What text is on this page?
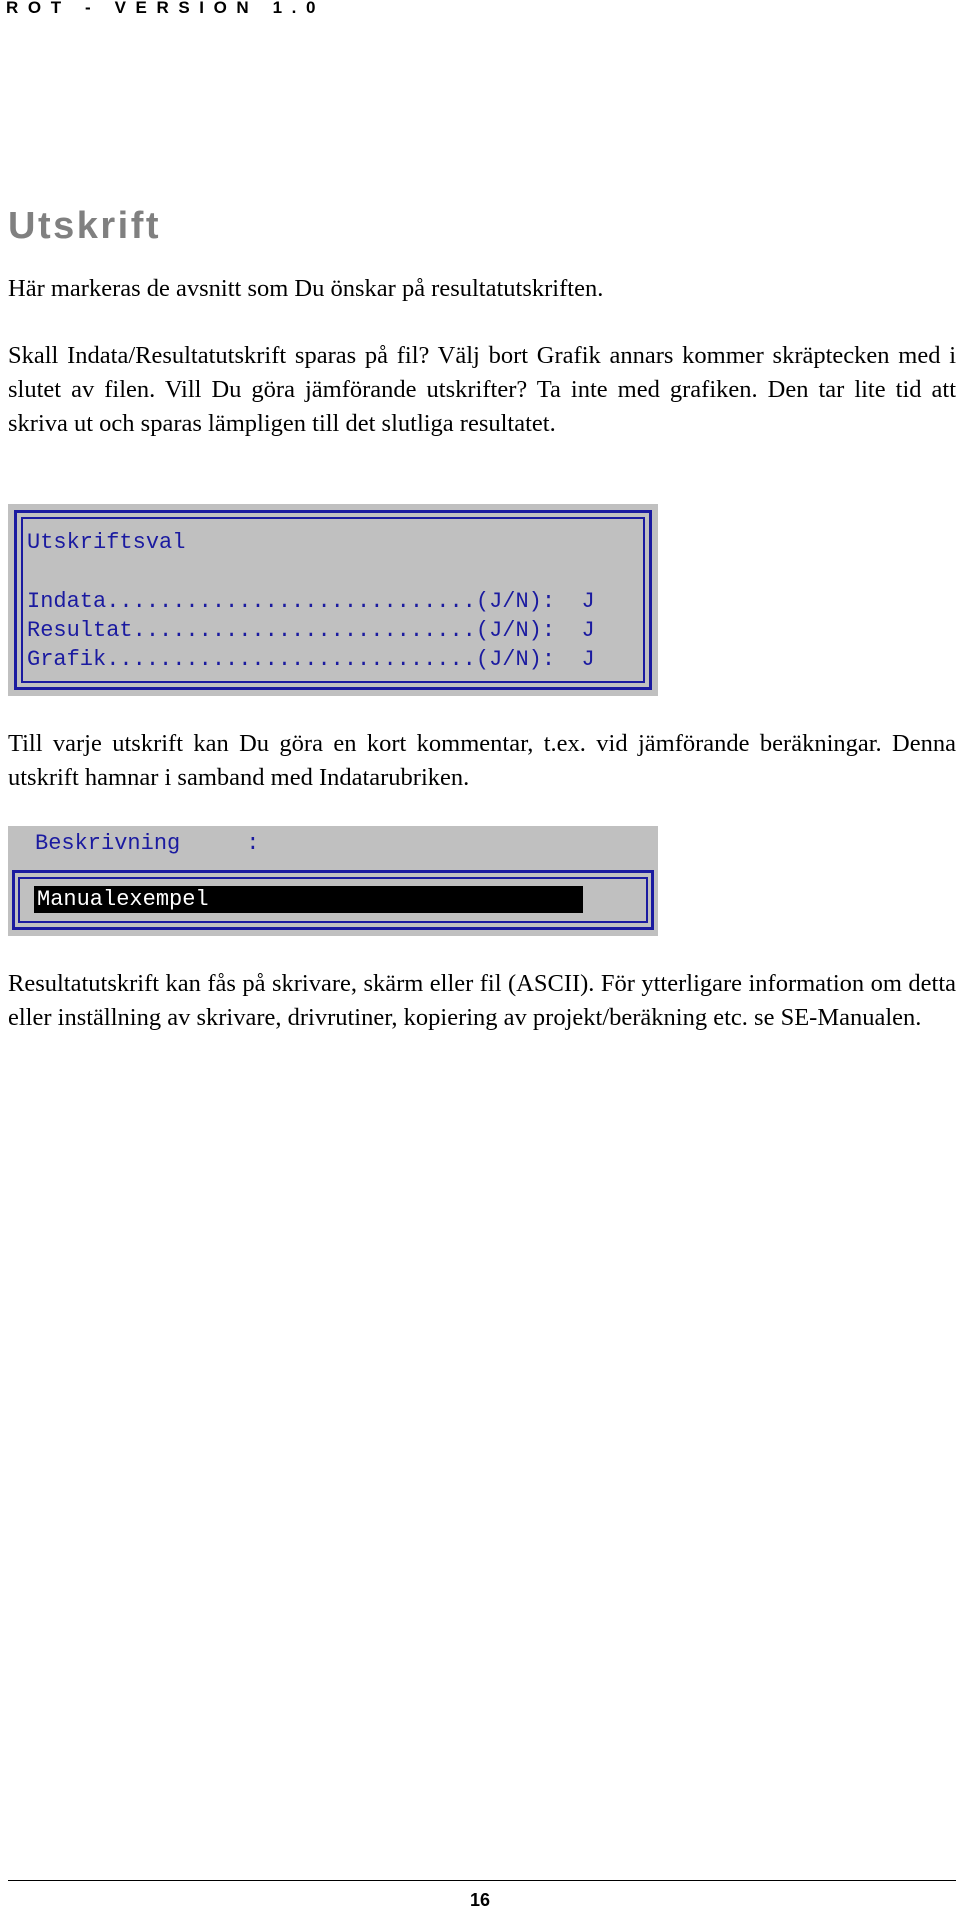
ROT - VERSION 1.0
Utskrift

Här markeras de avsnitt som Du önskar på resultatutskriften.

Skall Indata/Resultatutskrift sparas på fil? Välj bort Grafik annars kommer skräptecken med i slutet av filen. Vill Du göra jämförande utskrifter? Ta inte med grafiken. Den tar lite tid att skriva ut och sparas lämpligen till det slutliga resultatet.

Utskriftsval
Indata............................(J/N): J
Resultat..........................(J/N): J
Grafik............................(J/N): J

Till varje utskrift kan Du göra en kort kommentar, t.ex. vid jämförande beräkningar. Denna utskrift hamnar i samband med Indatarubriken.

Beskrivning     :
Manualexempel

Resultatutskrift kan fås på skrivare, skärm eller fil (ASCII). För ytterligare information om detta eller inställning av skrivare, drivrutiner, kopiering av projekt/beräkning etc. se SE-Manualen.

16
